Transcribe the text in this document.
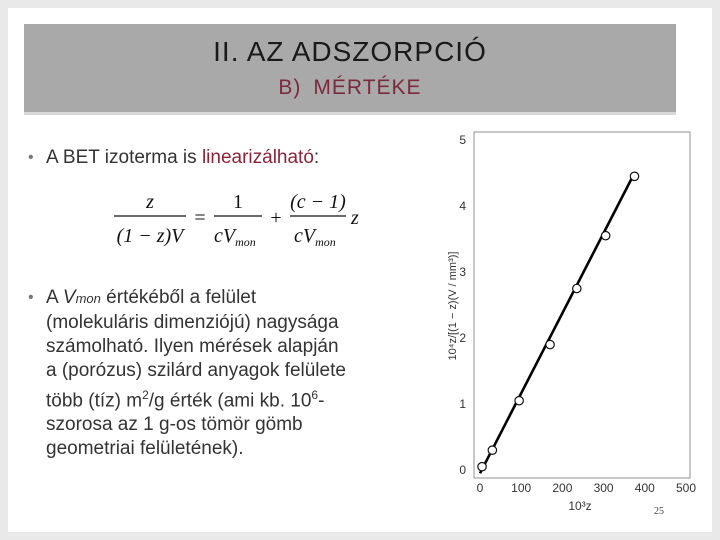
II. AZ ADSZORPCIÓ
B) MÉRTÉKE
• A BET izoterma is linearizálható:
z
(1 − z)V
=
1
$cV_{mon}$
+
(c − 1)
$cV_{mon}$
z
• A Vmon értékéből a felület
(molekuláris dimenziójú) nagysága
számolható. Ilyen mérések alapján
a (porózus) szilárd anyagok felülete
több (tíz) $m^2/g$ érték (ami kb. $10^6-$
szorosa az 1 g-os tömör gömb
geometriai felületének).
0 100 200 300 400 500
0
1
2
3
4
5
10³z
10⁴z/[(1 − z)(V / mm³)]
25
